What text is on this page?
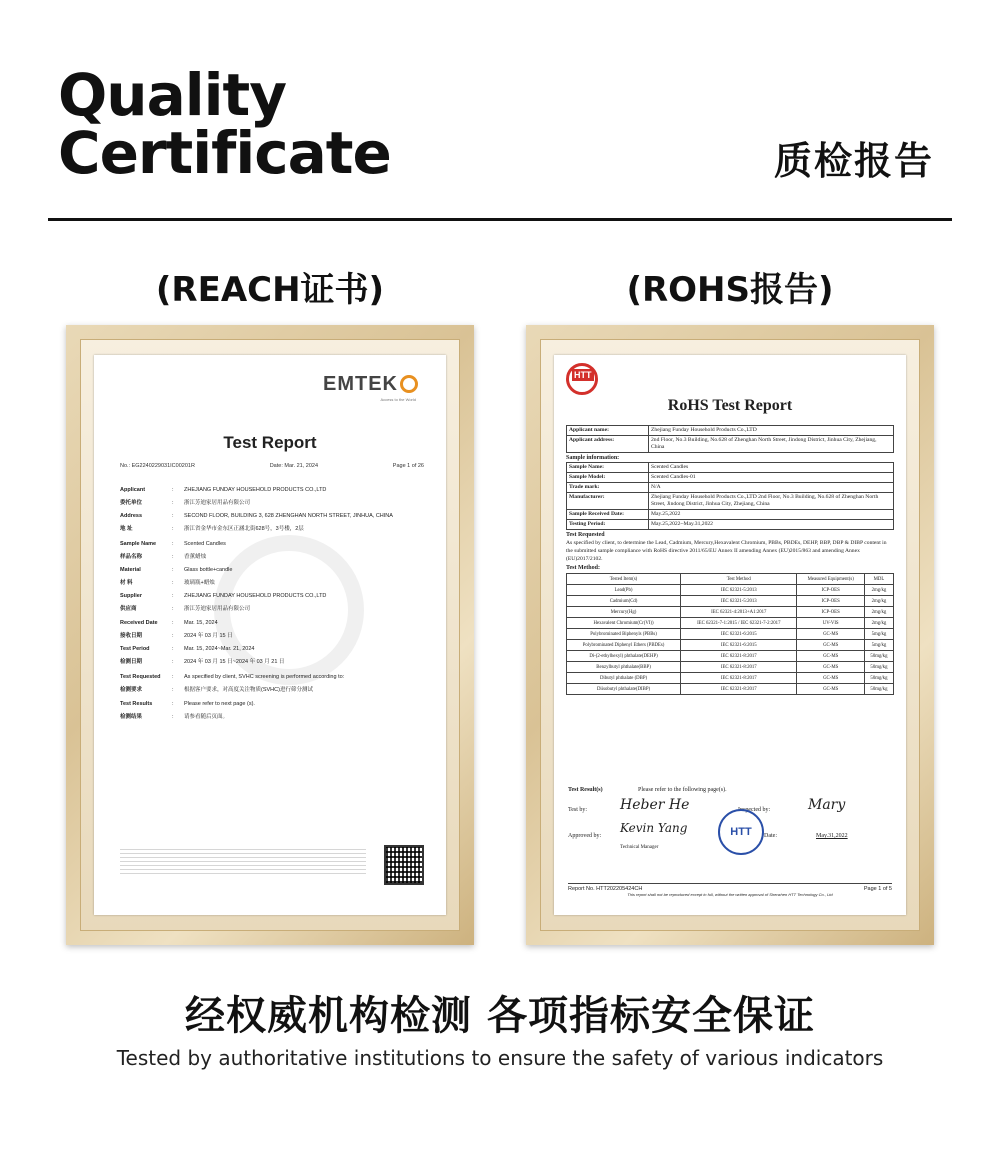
Quality
Certificate	质检报告
(REACH证书)	(ROHS报告)
EMTEK
Access to the World
Test Report
No.: EG2240229031IC00201R	Date: Mar. 21, 2024	Page 1 of 26
Applicant	:	ZHEJIANG FUNDAY HOUSEHOLD PRODUCTS CO.,LTD
委托单位	:	浙江芳迪家居用品有限公司
Address	:	SECOND FLOOR, BUILDING 3, 628 ZHENGHAN NORTH STREET, JINHUA, CHINA
地 址	:	浙江省金华市金东区正涵北街628号，3号楼，2层
Sample Name	:	Scented Candles
样品名称	:	香薰蜡烛
Material	:	Glass bottle+candle
材 料	:	玻璃瓶+蜡烛
Supplier	:	ZHEJIANG FUNDAY HOUSEHOLD PRODUCTS CO.,LTD
供应商	:	浙江芳迪家居用品有限公司
Received Date	:	Mar. 15, 2024
接收日期	:	2024 年 03 月 15 日
Test Period	:	Mar. 15, 2024~Mar. 21, 2024
检测日期	:	2024 年 03 月 15 日~2024 年 03 月 21 日
Test Requested	:	As specified by client, SVHC screening is performed according to:
检测要求	:	根据客户要求，对高度关注物质(SVHC)进行筛分测试
Test Results	:	Please refer to next page (s).
检测结果	:	请参看随后页面。
HTT
RoHS Test Report
Applicant name:	Zhejiang Funday Household Products Co.,LTD
Applicant address:	2nd Floor, No.3 Building, No.628 of Zhenghan North Street, Jindong District, Jinhua City, Zhejiang, China
Sample information:
Sample Name:	Scented Candles
Sample Model:	Scented Candles-01
Trade mark:	N/A
Manufacturer:	Zhejiang Funday Household Products Co.,LTD 2nd Floor, No.3 Building, No.628 of Zhenghan North Street, Jindong District, Jinhua City, Zhejiang, China
Sample Received Date:	May.25,2022
Testing Period:	May.25,2022~May.31,2022
Test Requested
As specified by client, to determine the Lead, Cadmium, Mercury,Hexavalent Chromium, PBBs, PBDEs, DEHP, BBP, DBP & DIBP content in the submitted sample compliance with RoHS directive 2011/65/EU Annex II amending Annex (EU)2015/863 and amending Annex (EU)2017/2102.
Test Method:
Tested Item(s)	Test Method	Measured Equipment(s)	MDL
Lead(Pb)	IEC 62321-5:2013	ICP-OES	2mg/kg
Cadmium(Cd)	IEC 62321-5:2013	ICP-OES	2mg/kg
Mercury(Hg)	IEC 62321-4:2013+A1:2017	ICP-OES	2mg/kg
Hexavalent Chromium(Cr(VI))	IEC 62321-7-1:2015 / IEC 62321-7-2:2017	UV-VIS	2mg/kg
Polybrominated Biphenyls (PBBs)	IEC 62321-6:2015	GC-MS	5mg/kg
Polybrominated Diphenyl Ethers (PBDEs)	IEC 62321-6:2015	GC-MS	5mg/kg
Di-(2-ethylhexyl) phthalate(DEHP)	IEC 62321-8:2017	GC-MS	50mg/kg
Benzylbutyl phthalate(BBP)	IEC 62321-8:2017	GC-MS	50mg/kg
Dibutyl phthalate (DBP)	IEC 62321-8:2017	GC-MS	50mg/kg
Diisobutyl phthalate(DIBP)	IEC 62321-8:2017	GC-MS	50mg/kg
Test Result(s)	Please refer to the following page(s).
Test by: Heber He	Inspected by:	Mary
Approved by:
Kevin Yang
Technical Manager
HTT	Date:	May.31,2022
Report No. HTT202205424CH	Page 1 of 5
This report shall not be reproduced except in full, without the written approval of Shenzhen HTT Technology Co., Ltd
经权威机构检测 各项指标安全保证
Tested by authoritative institutions to ensure the safety of various indicators
